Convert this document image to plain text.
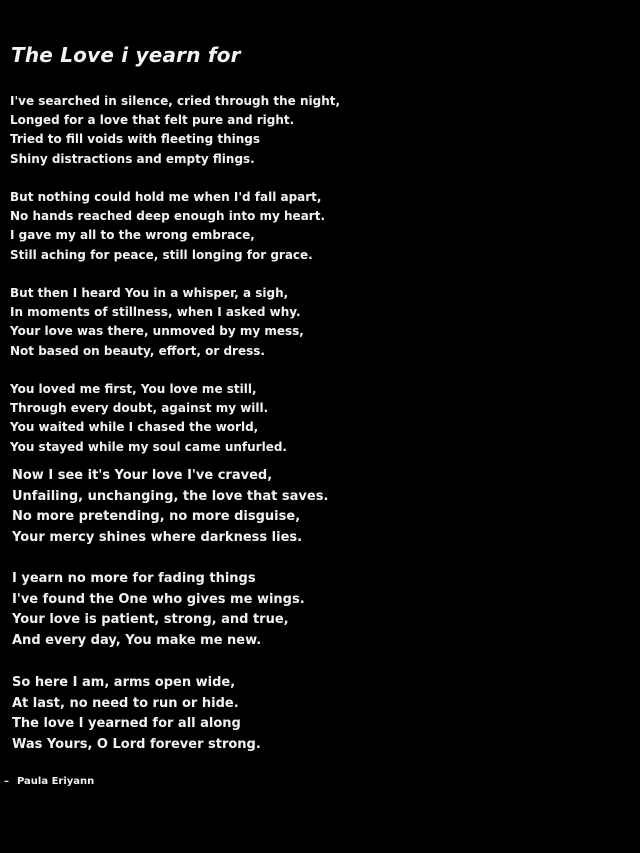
The Love i yearn for
I've searched in silence, cried through the night,
Longed for a love that felt pure and right.
Tried to fill voids with fleeting things
Shiny distractions and empty flings.
But nothing could hold me when I'd fall apart,
No hands reached deep enough into my heart.
I gave my all to the wrong embrace,
Still aching for peace, still longing for grace.
But then I heard You in a whisper, a sigh,
In moments of stillness, when I asked why.
Your love was there, unmoved by my mess,
Not based on beauty, effort, or dress.
You loved me first, You love me still,
Through every doubt, against my will.
You waited while I chased the world,
You stayed while my soul came unfurled.
Now I see it's Your love I've craved,
Unfailing, unchanging, the love that saves.
No more pretending, no more disguise,
Your mercy shines where darkness lies.
I yearn no more for fading things
I've found the One who gives me wings.
Your love is patient, strong, and true,
And every day, You make me new.
So here I am, arms open wide,
At last, no need to run or hide.
The love I yearned for all along
Was Yours, O Lord forever strong.
– Paula Eriyann
